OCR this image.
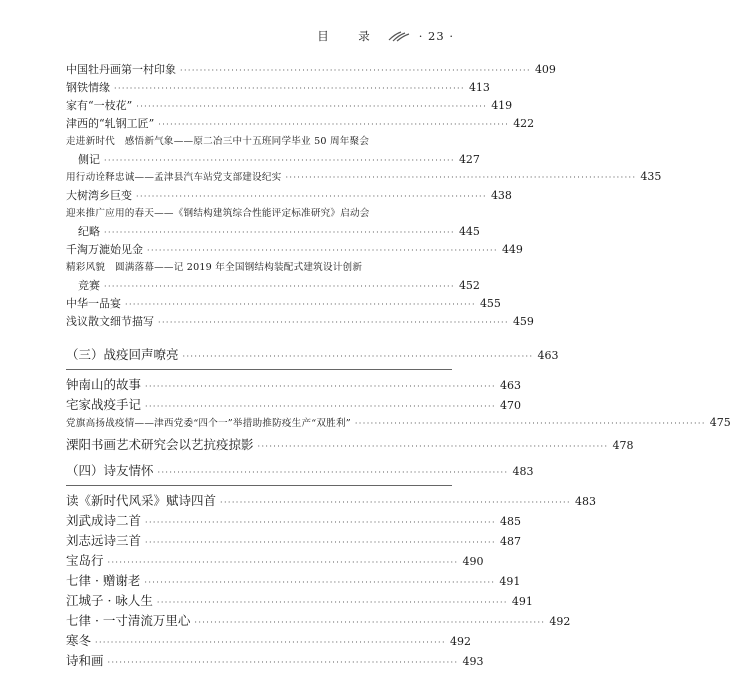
目　录	· 23 ·
中国牡丹画第一村印象 ························································································· 409
钢铁情缘 ························································································· 413
家有“一枝花” ························································································· 419
津西的“轧钢工匠” ························································································· 422
走进新时代　感悟新气象——原二冶三中十五班同学毕业 50 周年聚会
侧记 ························································································· 427
用行动诠释忠诚——孟津县汽车站党支部建设纪实 ························································································· 435
大树湾乡巨变 ························································································· 438
迎来推广应用的春天——《钢结构建筑综合性能评定标准研究》启动会
纪略 ························································································· 445
千淘万漉始见金 ························································································· 449
精彩风貌　圆满落幕——记 2019 年全国钢结构装配式建筑设计创新
竞赛 ························································································· 452
中华一品宴 ························································································· 455
浅议散文细节描写 ························································································· 459
（三）战疫回声嘹亮 ························································································· 463
钟南山的故事 ························································································· 463
宅家战疫手记 ························································································· 470
党旗高扬战疫情——津西党委“四个一”举措助推防疫生产“双胜利” ························································································· 475
溧阳书画艺术研究会以艺抗疫掠影 ························································································· 478
（四）诗友情怀 ························································································· 483
读《新时代风采》赋诗四首 ························································································· 483
刘武成诗二首 ························································································· 485
刘志远诗三首 ························································································· 487
宝岛行 ························································································· 490
七律 · 赠谢老 ························································································· 491
江城子 · 咏人生 ························································································· 491
七律 · 一寸清流万里心 ························································································· 492
寒冬 ························································································· 492
诗和画 ························································································· 493
